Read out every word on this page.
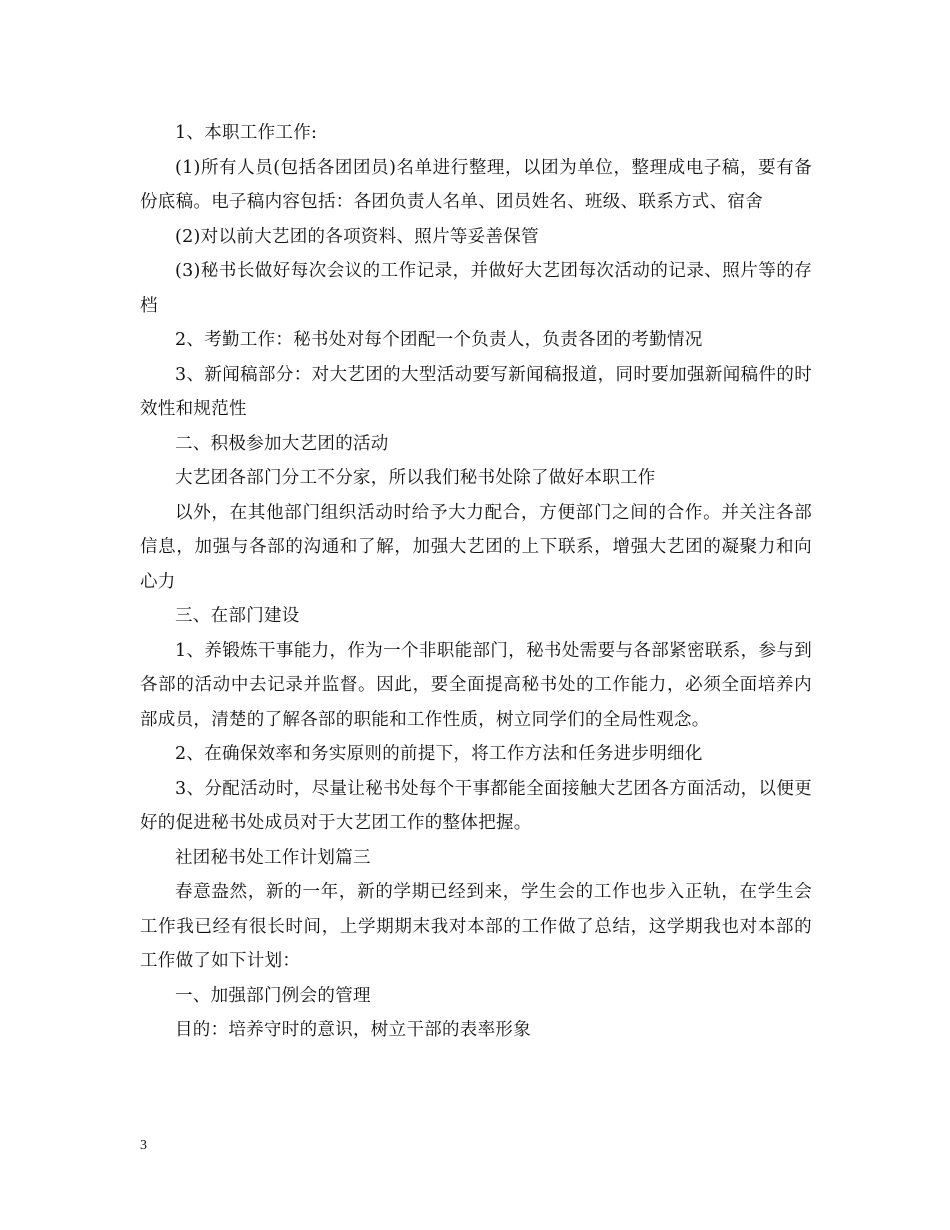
1、本职工作工作:

(1)所有人员(包括各团团员)名单进行整理，以团为单位，整理成电子稿，要有备份底稿。电子稿内容包括：各团负责人名单、团员姓名、班级、联系方式、宿舍

(2)对以前大艺团的各项资料、照片等妥善保管

(3)秘书长做好每次会议的工作记录，并做好大艺团每次活动的记录、照片等的存档

2、考勤工作：秘书处对每个团配一个负责人，负责各团的考勤情况

3、新闻稿部分：对大艺团的大型活动要写新闻稿报道，同时要加强新闻稿件的时效性和规范性

二、积极参加大艺团的活动

大艺团各部门分工不分家，所以我们秘书处除了做好本职工作

以外，在其他部门组织活动时给予大力配合，方便部门之间的合作。并关注各部信息，加强与各部的沟通和了解，加强大艺团的上下联系，增强大艺团的凝聚力和向心力

三、在部门建设

1、养锻炼干事能力，作为一个非职能部门，秘书处需要与各部紧密联系，参与到各部的活动中去记录并监督。因此，要全面提高秘书处的工作能力，必须全面培养内部成员，清楚的了解各部的职能和工作性质，树立同学们的全局性观念。

2、在确保效率和务实原则的前提下，将工作方法和任务进步明细化

3、分配活动时，尽量让秘书处每个干事都能全面接触大艺团各方面活动，以便更好的促进秘书处成员对于大艺团工作的整体把握。

社团秘书处工作计划篇三

春意盎然，新的一年，新的学期已经到来，学生会的工作也步入正轨，在学生会工作我已经有很长时间，上学期期末我对本部的工作做了总结，这学期我也对本部的工作做了如下计划：

一、加强部门例会的管理

目的：培养守时的意识，树立干部的表率形象

3
